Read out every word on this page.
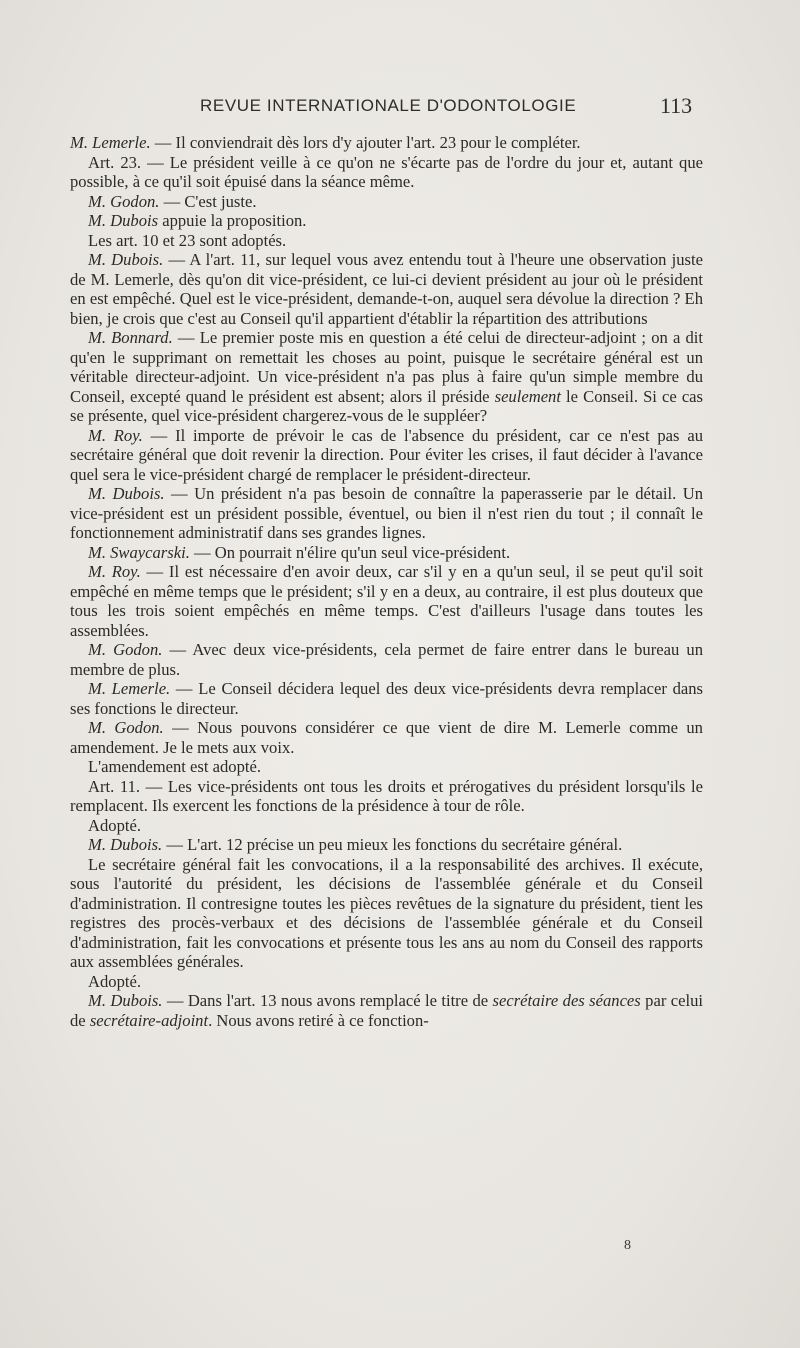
REVUE INTERNATIONALE D'ODONTOLOGIE	113

M. Lemerle. — Il conviendrait dès lors d'y ajouter l'art. 23 pour le compléter.

Art. 23. — Le président veille à ce qu'on ne s'écarte pas de l'ordre du jour et, autant que possible, à ce qu'il soit épuisé dans la séance même.

M. Godon. — C'est juste.

M. Dubois appuie la proposition.

Les art. 10 et 23 sont adoptés.

M. Dubois. — A l'art. 11, sur lequel vous avez entendu tout à l'heure une observation juste de M. Lemerle, dès qu'on dit vice-président, ce lui-ci devient président au jour où le président en est empêché. Quel est le vice-président, demande-t-on, auquel sera dévolue la direction ? Eh bien, je crois que c'est au Conseil qu'il appartient d'établir la répartition des attributions

M. Bonnard. — Le premier poste mis en question a été celui de directeur-adjoint ; on a dit qu'en le supprimant on remettait les choses au point, puisque le secrétaire général est un véritable directeur-adjoint. Un vice-président n'a pas plus à faire qu'un simple membre du Conseil, excepté quand le président est absent; alors il préside seulement le Conseil. Si ce cas se présente, quel vice-président chargerez-vous de le suppléer?

M. Roy. — Il importe de prévoir le cas de l'absence du président, car ce n'est pas au secrétaire général que doit revenir la direction. Pour éviter les crises, il faut décider à l'avance quel sera le vice-président chargé de remplacer le président-directeur.

M. Dubois. — Un président n'a pas besoin de connaître la paperasserie par le détail. Un vice-président est un président possible, éventuel, ou bien il n'est rien du tout ; il connaît le fonctionnement administratif dans ses grandes lignes.

M. Swaycarski. — On pourrait n'élire qu'un seul vice-président.

M. Roy. — Il est nécessaire d'en avoir deux, car s'il y en a qu'un seul, il se peut qu'il soit empêché en même temps que le président; s'il y en a deux, au contraire, il est plus douteux que tous les trois soient empêchés en même temps. C'est d'ailleurs l'usage dans toutes les assemblées.

M. Godon. — Avec deux vice-présidents, cela permet de faire entrer dans le bureau un membre de plus.

M. Lemerle. — Le Conseil décidera lequel des deux vice-présidents devra remplacer dans ses fonctions le directeur.

M. Godon. — Nous pouvons considérer ce que vient de dire M. Lemerle comme un amendement. Je le mets aux voix.

L'amendement est adopté.

Art. 11. — Les vice-présidents ont tous les droits et prérogatives du président lorsqu'ils le remplacent. Ils exercent les fonctions de la présidence à tour de rôle.

Adopté.

M. Dubois. — L'art. 12 précise un peu mieux les fonctions du secrétaire général.

Le secrétaire général fait les convocations, il a la responsabilité des archives. Il exécute, sous l'autorité du président, les décisions de l'assemblée générale et du Conseil d'administration. Il contresigne toutes les pièces revêtues de la signature du président, tient les registres des procès-verbaux et des décisions de l'assemblée générale et du Conseil d'administration, fait les convocations et présente tous les ans au nom du Conseil des rapports aux assemblées générales.

Adopté.

M. Dubois. — Dans l'art. 13 nous avons remplacé le titre de secrétaire des séances par celui de secrétaire-adjoint. Nous avons retiré à ce fonction-

8
